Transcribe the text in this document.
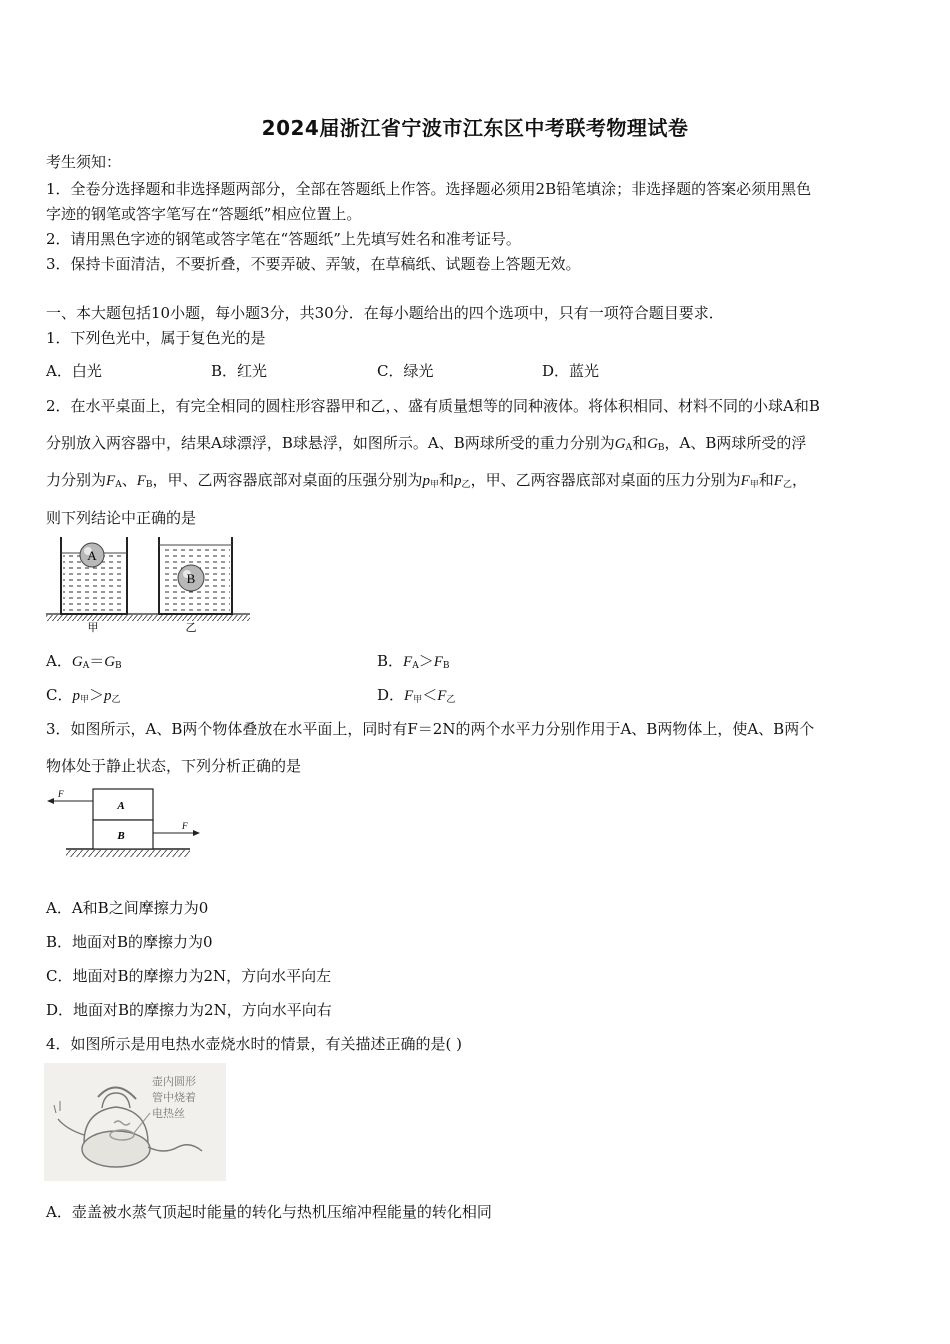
2024届浙江省宁波市江东区中考联考物理试卷
考生须知：
1．全卷分选择题和非选择题两部分，全部在答题纸上作答。选择题必须用2B铅笔填涂；非选择题的答案必须用黑色
字迹的钢笔或答字笔写在“答题纸”相应位置上。
2．请用黑色字迹的钢笔或答字笔在“答题纸”上先填写姓名和准考证号。
3．保持卡面清洁，不要折叠，不要弄破、弄皱，在草稿纸、试题卷上答题无效。
一、本大题包括10小题，每小题3分，共30分．在每小题给出的四个选项中，只有一项符合题目要求．
1．下列色光中，属于复色光的是
A．白光	B．红光	C．绿光	D．蓝光
2．在水平桌面上，有完全相同的圆柱形容器甲和乙，、盛有质量想等的同种液体。将体积相同、材料不同的小球A和B
分别放入两容器中，结果A球漂浮，B球悬浮，如图所示。A、B两球所受的重力分别为$G_A$和$G_B$，A、B两球所受的浮
力分别为$F_A$、$F_B$，甲、乙两容器底部对桌面的压强分别为$p_甲$和$p_乙$，甲、乙两容器底部对桌面的压力分别为$F_甲$和$F_乙$，
则下列结论中正确的是
A
B
甲	乙
A．$G_A=G_B$	B．$F_A>F_B$
C．$p_甲>p_乙$	D．$F_甲<F_乙$
3．如图所示，A、B两个物体叠放在水平面上，同时有F＝2N的两个水平力分别作用于A、B两物体上，使A、B两个
物体处于静止状态，下列分析正确的是
A
B
F
F
A．A和B之间摩擦力为0
B．地面对B的摩擦力为0
C．地面对B的摩擦力为2N，方向水平向左
D．地面对B的摩擦力为2N，方向水平向右
4．如图所示是用电热水壶烧水时的情景，有关描述正确的是( )
壶内圆形
管中烧着
电热丝
A．壶盖被水蒸气顶起时能量的转化与热机压缩冲程能量的转化相同
